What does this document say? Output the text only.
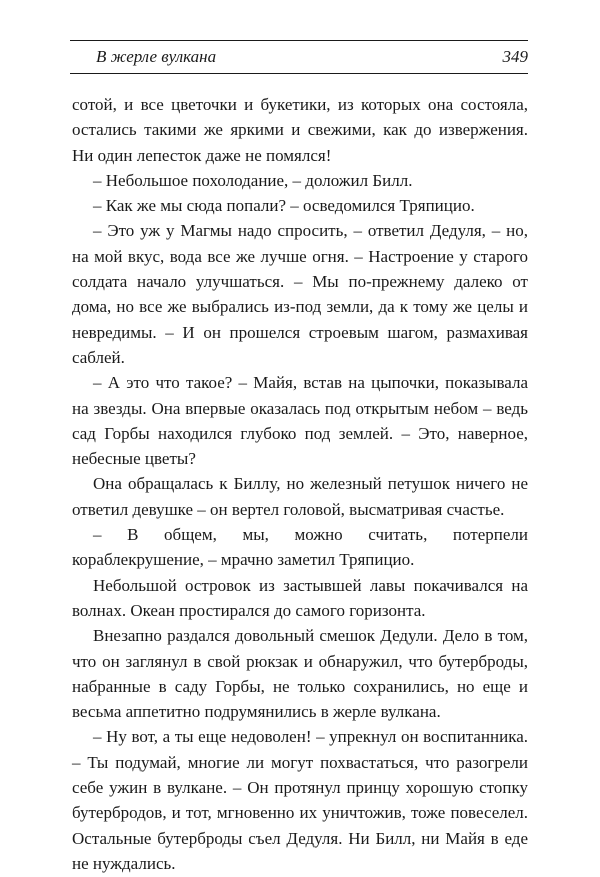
В жерле вулкана	349

сотой, и все цветочки и букетики, из которых она состояла, остались такими же яркими и свежими, как до извержения. Ни один лепесток даже не помялся!

– Небольшое похолодание, – доложил Билл.

– Как же мы сюда попали? – осведомился Тряпицио.

– Это уж у Магмы надо спросить, – ответил Дедуля, – но, на мой вкус, вода все же лучше огня. – Настроение у старого солдата начало улучшаться. – Мы по-прежнему далеко от дома, но все же выбрались из-под земли, да к тому же целы и невредимы. – И он прошелся строевым шагом, размахивая саблей.

– А это что такое? – Майя, встав на цыпочки, показывала на звезды. Она впервые оказалась под открытым небом – ведь сад Горбы находился глубоко под землей. – Это, наверное, небесные цветы?

Она обращалась к Биллу, но железный петушок ничего не ответил девушке – он вертел головой, высматривая счастье.

– В общем, мы, можно считать, потерпели кораблекрушение, – мрачно заметил Тряпицио.

Небольшой островок из застывшей лавы покачивался на волнах. Океан простирался до самого горизонта.

Внезапно раздался довольный смешок Дедули. Дело в том, что он заглянул в свой рюкзак и обнаружил, что бутерброды, набранные в саду Горбы, не только сохранились, но еще и весьма аппетитно подрумянились в жерле вулкана.

– Ну вот, а ты еще недоволен! – упрекнул он воспитанника. – Ты подумай, многие ли могут похвастаться, что разогрели себе ужин в вулкане. – Он протянул принцу хорошую стопку бутербродов, и тот, мгновенно их уничтожив, тоже повеселел. Остальные бутерброды съел Дедуля. Ни Билл, ни Майя в еде не нуждались.
